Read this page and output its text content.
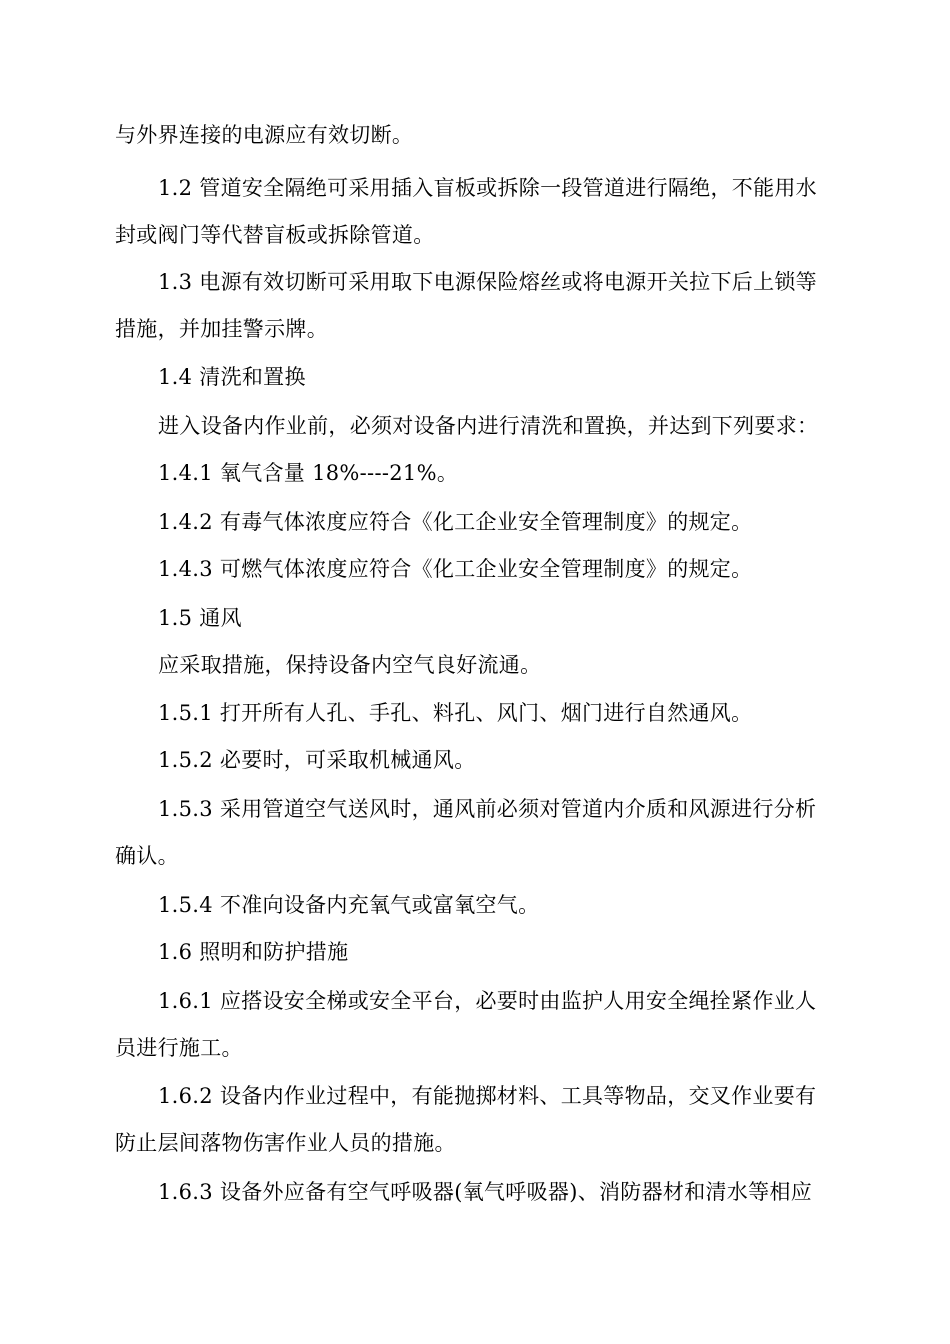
与外界连接的电源应有效切断。
1.2 管道安全隔绝可采用插入盲板或拆除一段管道进行隔绝，不能用水
封或阀门等代替盲板或拆除管道。
1.3 电源有效切断可采用取下电源保险熔丝或将电源开关拉下后上锁等
措施，并加挂警示牌。
1.4 清洗和置换
进入设备内作业前，必须对设备内进行清洗和置换，并达到下列要求：
1.4.1 氧气含量 18%----21%。
1.4.2 有毒气体浓度应符合《化工企业安全管理制度》的规定。
1.4.3 可燃气体浓度应符合《化工企业安全管理制度》的规定。
1.5 通风
应采取措施，保持设备内空气良好流通。
1.5.1 打开所有人孔、手孔、料孔、风门、烟门进行自然通风。
1.5.2 必要时，可采取机械通风。
1.5.3 采用管道空气送风时，通风前必须对管道内介质和风源进行分析
确认。
1.5.4 不准向设备内充氧气或富氧空气。
1.6 照明和防护措施
1.6.1 应搭设安全梯或安全平台，必要时由监护人用安全绳拴紧作业人
员进行施工。
1.6.2 设备内作业过程中，有能抛掷材料、工具等物品，交叉作业要有
防止层间落物伤害作业人员的措施。
1.6.3 设备外应备有空气呼吸器(氧气呼吸器)、消防器材和清水等相应
